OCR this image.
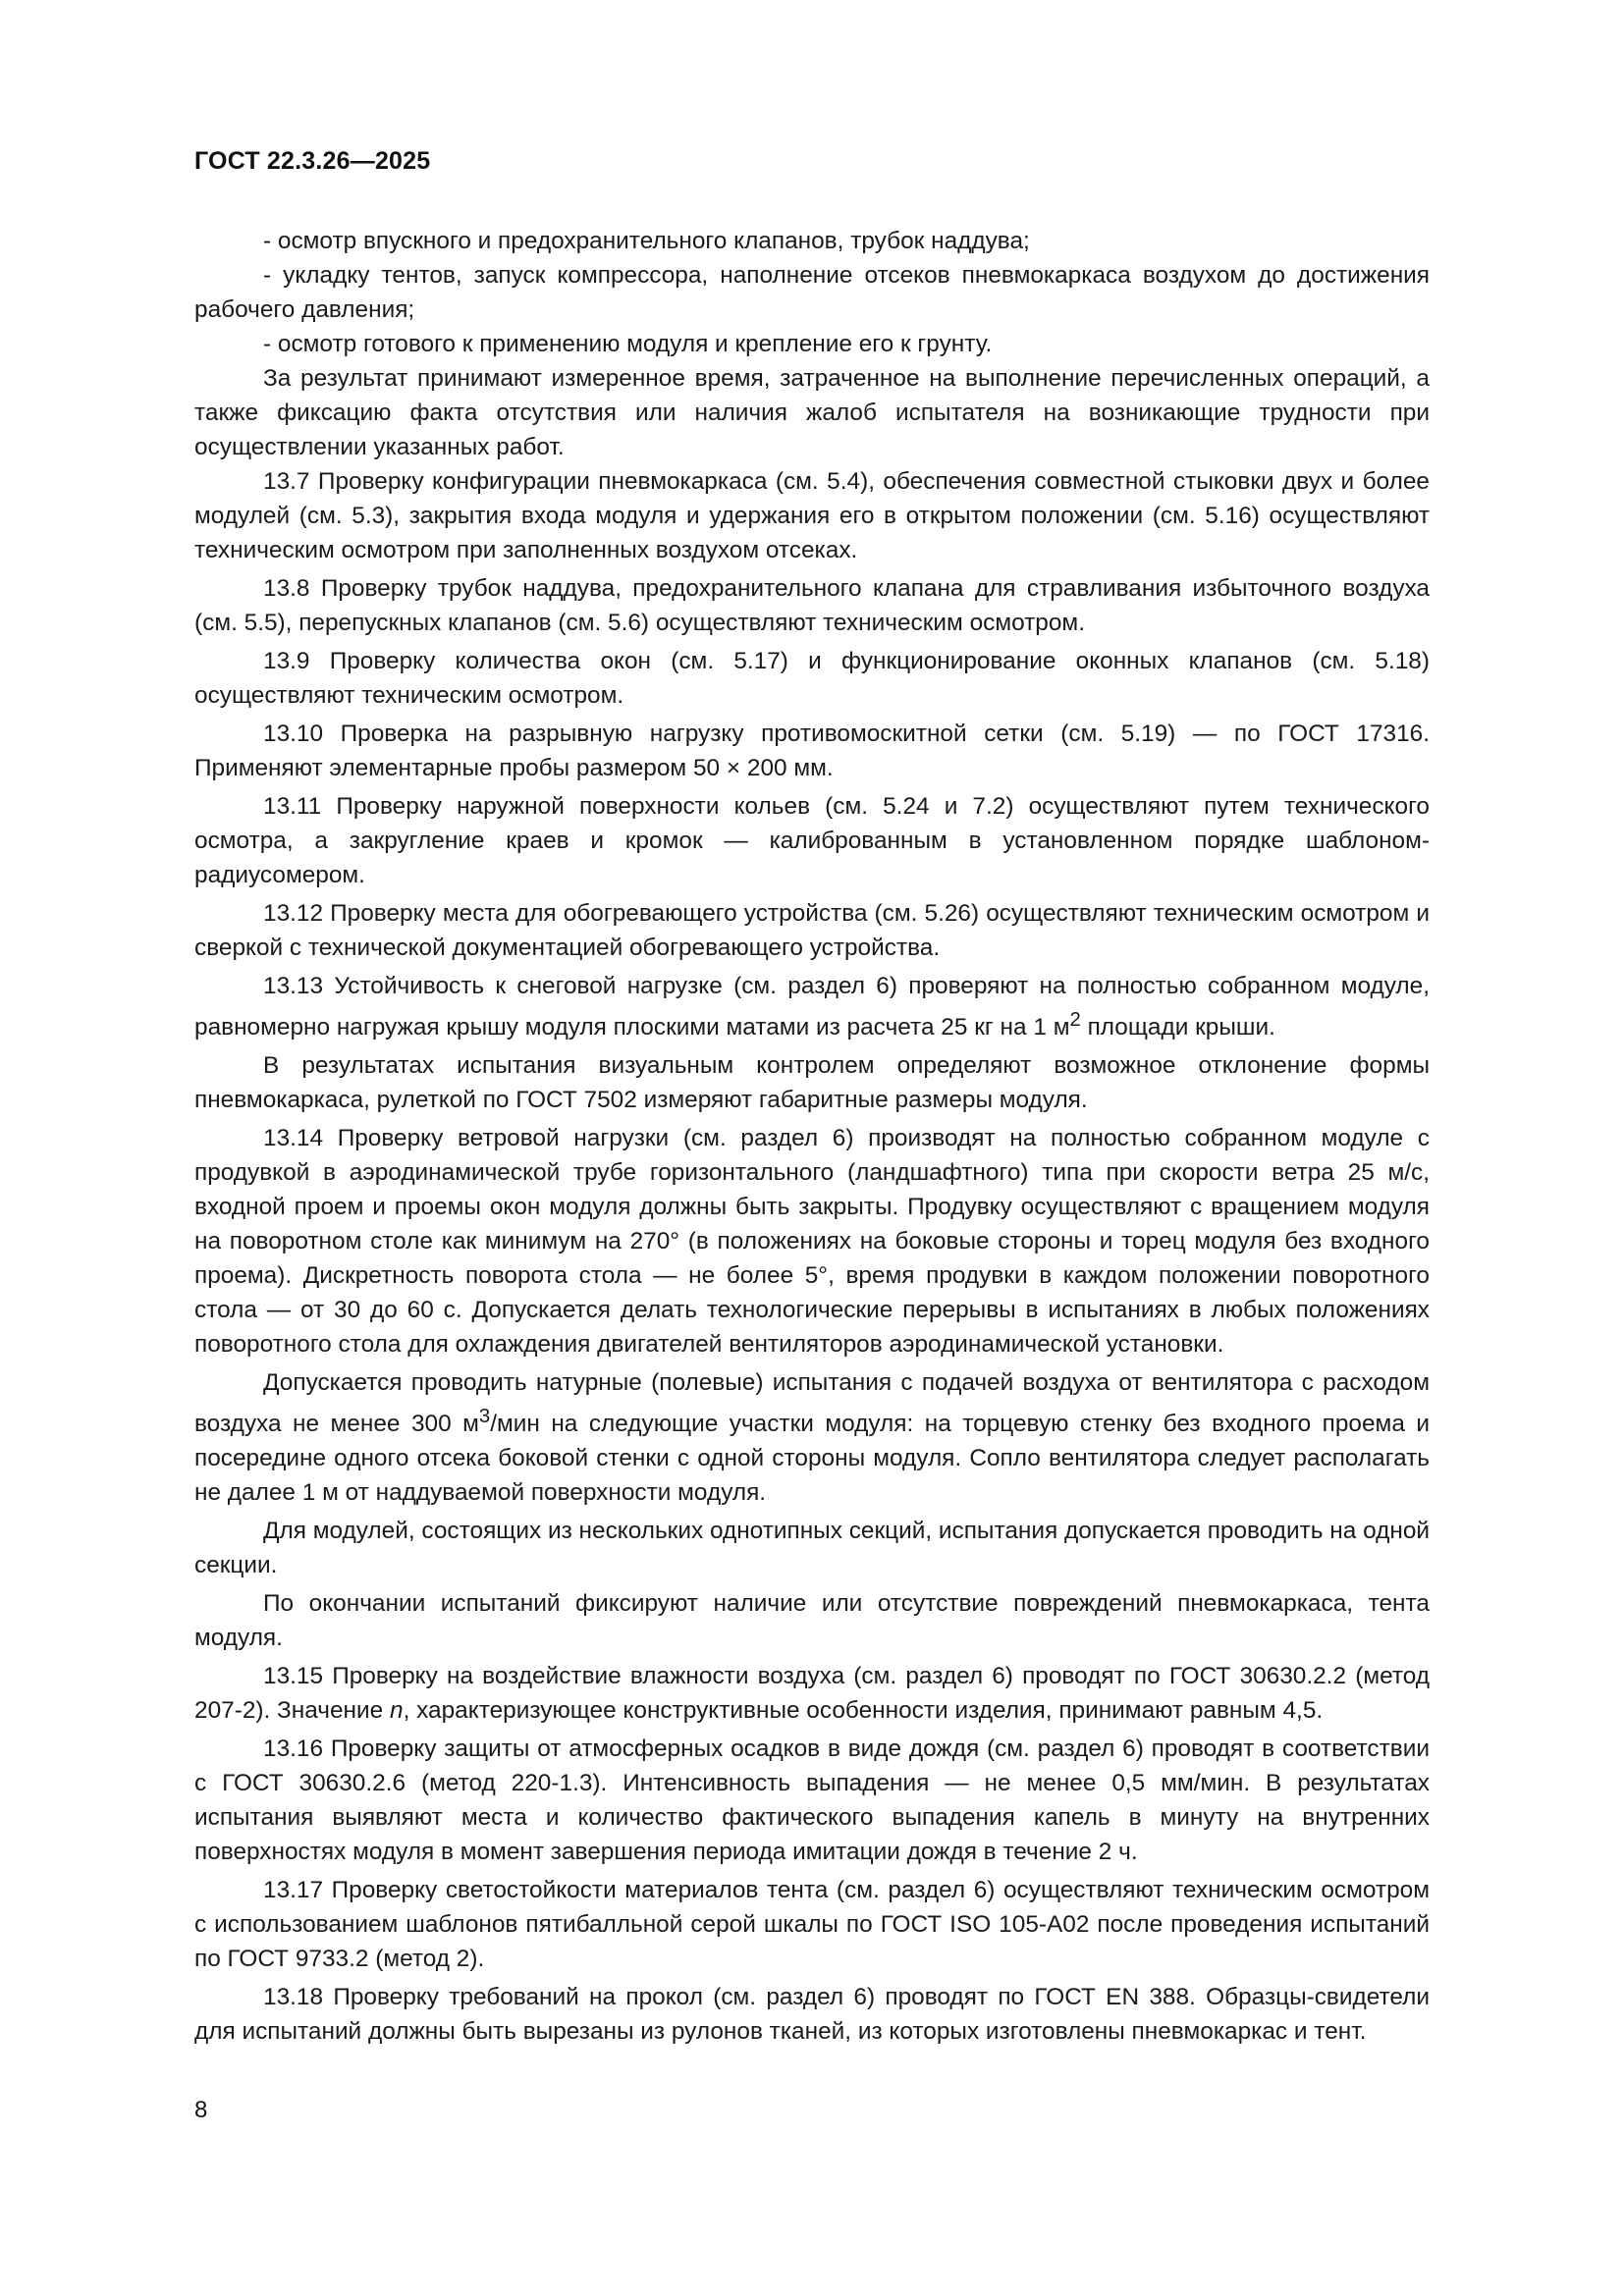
ГОСТ 22.3.26—2025

- осмотр впускного и предохранительного клапанов, трубок наддува;

- укладку тентов, запуск компрессора, наполнение отсеков пневмокаркаса воздухом до достижения рабочего давления;

- осмотр готового к применению модуля и крепление его к грунту.

За результат принимают измеренное время, затраченное на выполнение перечисленных операций, а также фиксацию факта отсутствия или наличия жалоб испытателя на возникающие трудности при осуществлении указанных работ.

13.7 Проверку конфигурации пневмокаркаса (см. 5.4), обеспечения совместной стыковки двух и более модулей (см. 5.3), закрытия входа модуля и удержания его в открытом положении (см. 5.16) осуществляют техническим осмотром при заполненных воздухом отсеках.

13.8 Проверку трубок наддува, предохранительного клапана для стравливания избыточного воздуха (см. 5.5), перепускных клапанов (см. 5.6) осуществляют техническим осмотром.

13.9 Проверку количества окон (см. 5.17) и функционирование оконных клапанов (см. 5.18) осуществляют техническим осмотром.

13.10 Проверка на разрывную нагрузку противомоскитной сетки (см. 5.19) — по ГОСТ 17316. Применяют элементарные пробы размером 50 × 200 мм.

13.11 Проверку наружной поверхности кольев (см. 5.24 и 7.2) осуществляют путем технического осмотра, а закругление краев и кромок — калиброванным в установленном порядке шаблоном-радиусомером.

13.12 Проверку места для обогревающего устройства (см. 5.26) осуществляют техническим осмотром и сверкой с технической документацией обогревающего устройства.

13.13 Устойчивость к снеговой нагрузке (см. раздел 6) проверяют на полностью собранном модуле, равномерно нагружая крышу модуля плоскими матами из расчета 25 кг на 1 $м^2$ площади крыши.

В результатах испытания визуальным контролем определяют возможное отклонение формы пневмокаркаса, рулеткой по ГОСТ 7502 измеряют габаритные размеры модуля.

13.14 Проверку ветровой нагрузки (см. раздел 6) производят на полностью собранном модуле с продувкой в аэродинамической трубе горизонтального (ландшафтного) типа при скорости ветра 25 м/с, входной проем и проемы окон модуля должны быть закрыты. Продувку осуществляют с вращением модуля на поворотном столе как минимум на 270° (в положениях на боковые стороны и торец модуля без входного проема). Дискретность поворота стола — не более 5°, время продувки в каждом положении поворотного стола — от 30 до 60 с. Допускается делать технологические перерывы в испытаниях в любых положениях поворотного стола для охлаждения двигателей вентиляторов аэродинамической установки.

Допускается проводить натурные (полевые) испытания с подачей воздуха от вентилятора с расходом воздуха не менее 300 $м^3$/мин на следующие участки модуля: на торцевую стенку без входного проема и посередине одного отсека боковой стенки с одной стороны модуля. Сопло вентилятора следует располагать не далее 1 м от наддуваемой поверхности модуля.

Для модулей, состоящих из нескольких однотипных секций, испытания допускается проводить на одной секции.

По окончании испытаний фиксируют наличие или отсутствие повреждений пневмокаркаса, тента модуля.

13.15 Проверку на воздействие влажности воздуха (см. раздел 6) проводят по ГОСТ 30630.2.2 (метод 207-2). Значение n, характеризующее конструктивные особенности изделия, принимают равным 4,5.

13.16 Проверку защиты от атмосферных осадков в виде дождя (см. раздел 6) проводят в соответствии с ГОСТ 30630.2.6 (метод 220-1.3). Интенсивность выпадения — не менее 0,5 мм/мин. В результатах испытания выявляют места и количество фактического выпадения капель в минуту на внутренних поверхностях модуля в момент завершения периода имитации дождя в течение 2 ч.

13.17 Проверку светостойкости материалов тента (см. раздел 6) осуществляют техническим осмотром с использованием шаблонов пятибалльной серой шкалы по ГОСТ ISO 105-A02 после проведения испытаний по ГОСТ 9733.2 (метод 2).

13.18 Проверку требований на прокол (см. раздел 6) проводят по ГОСТ EN 388. Образцы-свидетели для испытаний должны быть вырезаны из рулонов тканей, из которых изготовлены пневмокаркас и тент.

8
